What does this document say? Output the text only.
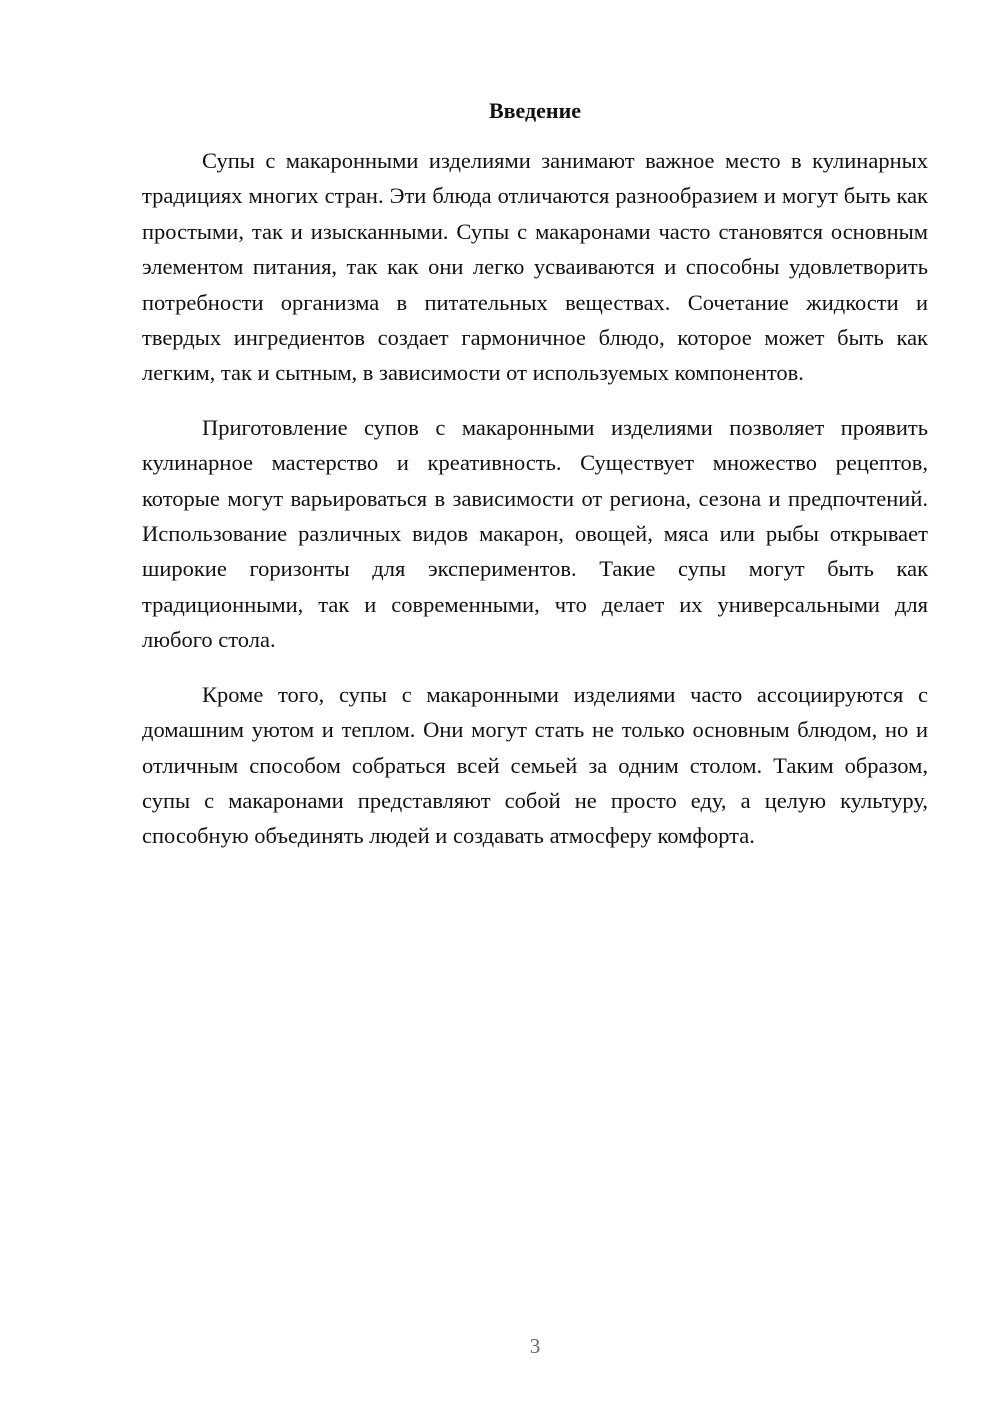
Введение

Супы с макаронными изделиями занимают важное место в кулинарных традициях многих стран. Эти блюда отличаются разнообразием и могут быть как простыми, так и изысканными. Супы с макаронами часто становятся основным элементом питания, так как они легко усваиваются и способны удовлетворить потребности организма в питательных веществах. Сочетание жидкости и твердых ингредиентов создает гармоничное блюдо, которое может быть как легким, так и сытным, в зависимости от используемых компонентов.

Приготовление супов с макаронными изделиями позволяет проявить кулинарное мастерство и креативность. Существует множество рецептов, которые могут варьироваться в зависимости от региона, сезона и предпочтений. Использование различных видов макарон, овощей, мяса или рыбы открывает широкие горизонты для экспериментов. Такие супы могут быть как традиционными, так и современными, что делает их универсальными для любого стола.

Кроме того, супы с макаронными изделиями часто ассоциируются с домашним уютом и теплом. Они могут стать не только основным блюдом, но и отличным способом собраться всей семьей за одним столом. Таким образом, супы с макаронами представляют собой не просто еду, а целую культуру, способную объединять людей и создавать атмосферу комфорта.

3
